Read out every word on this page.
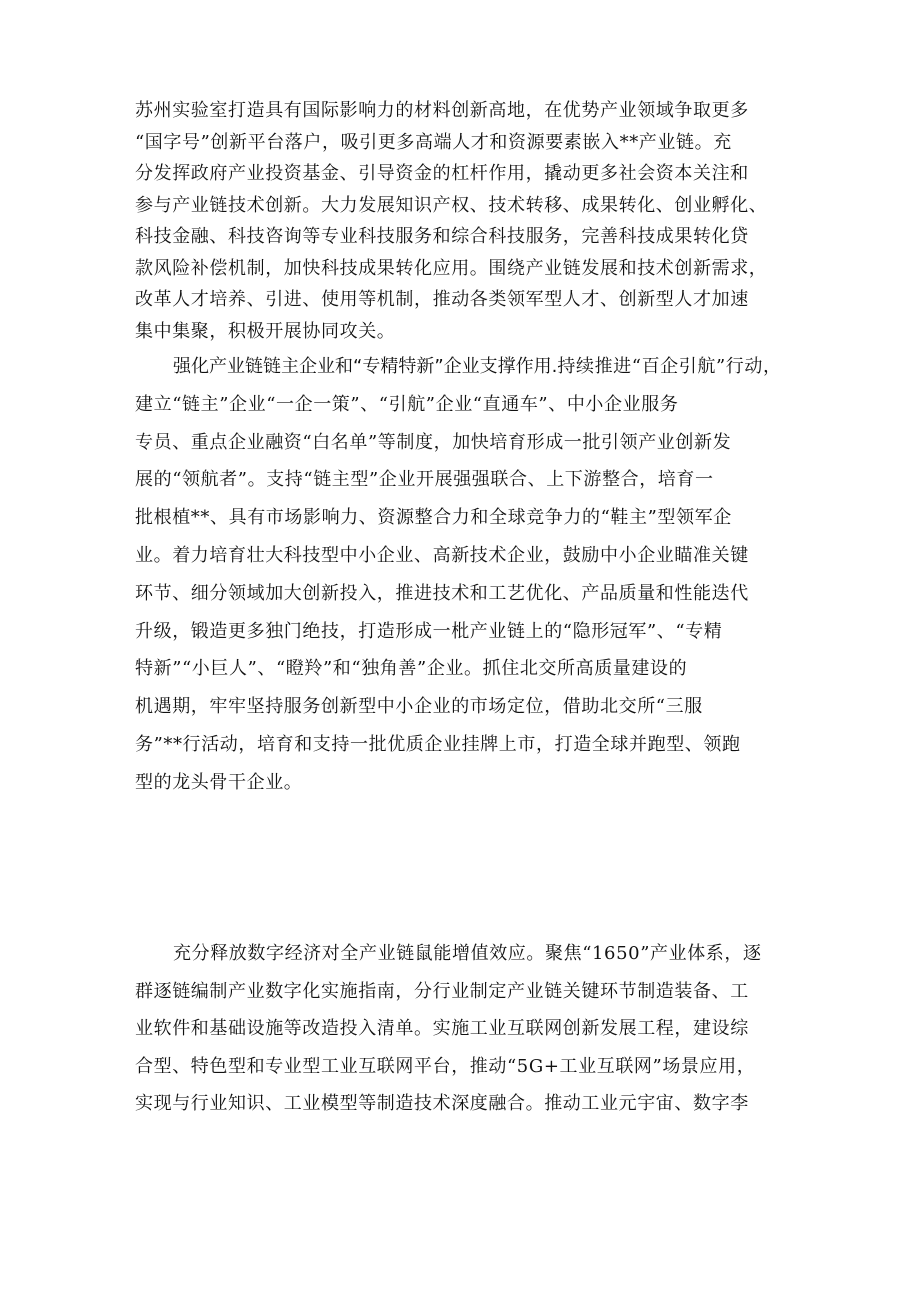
苏州实验室打造具有国际影响力的材料创新高地，在优势产业领域争取更多
“国字号”创新平台落户，吸引更多高端人才和资源要素嵌入**产业链。充
分发挥政府产业投资基金、引导资金的杠杆作用，撬动更多社会资本关注和
参与产业链技术创新。大力发展知识产权、技术转移、成果转化、创业孵化、
科技金融、科技咨询等专业科技服务和综合科技服务，完善科技成果转化贷
款风险补偿机制，加快科技成果转化应用。围绕产业链发展和技术创新需求，
改革人才培养、引进、使用等机制，推动各类领军型人才、创新型人才加速
集中集聚，积极开展协同攻关。
强化产业链链主企业和“专精特新”企业支撑作用.持续推进“百企引航”行动，
建立“链主”企业“一企一策”、“引航”企业“直通车”、中小企业服务
专员、重点企业融资“白名单”等制度，加快培育形成一批引领产业创新发
展的“领航者”。支持“链主型”企业开展强强联合、上下游整合，培育一
批根植**、具有市场影响力、资源整合力和全球竞争力的“鞋主”型领军企
业。着力培育壮大科技型中小企业、高新技术企业，鼓励中小企业瞄准关键
环节、细分领域加大创新投入，推进技术和工艺优化、产品质量和性能迭代
升级，锻造更多独门绝技，打造形成一枇产业链上的“隐形冠军”、“专精
特新”“小巨人”、“瞪羚”和“独角善”企业。抓住北交所高质量建设的
机遇期，牢牢坚持服务创新型中小企业的市场定位，借助北交所“三服
务”**行活动，培育和支持一批优质企业挂牌上市，打造全球并跑型、领跑
型的龙头骨干企业。
充分释放数字经济对全产业链鼠能增值效应。聚焦“1650”产业体系，逐
群逐链编制产业数字化实施指南，分行业制定产业链关键环节制造装备、工
业软件和基础设施等改造投入清单。实施工业互联网创新发展工程，建设综
合型、特色型和专业型工业互联网平台，推动“5G+工业互联网”场景应用，
实现与行业知识、工业模型等制造技术深度融合。推动工业元宇宙、数字李
